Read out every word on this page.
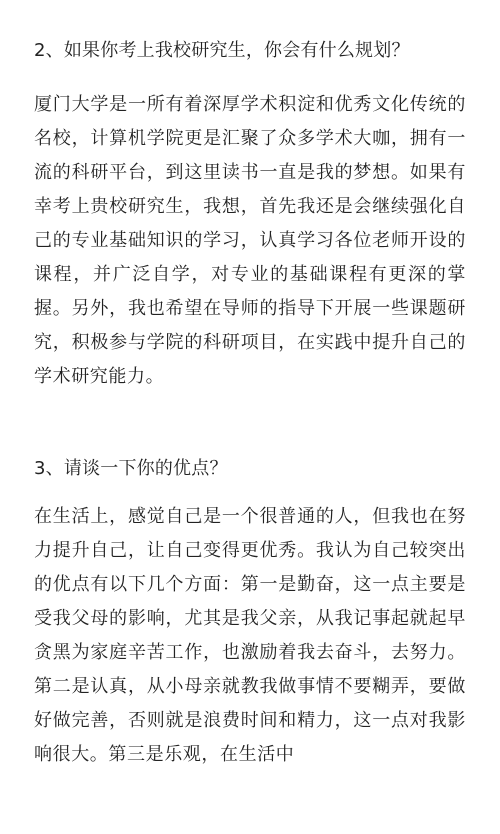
2、如果你考上我校研究生，你会有什么规划？

厦门大学是一所有着深厚学术积淀和优秀文化传统的名校，计算机学院更是汇聚了众多学术大咖，拥有一流的科研平台，到这里读书一直是我的梦想。如果有幸考上贵校研究生，我想，首先我还是会继续强化自己的专业基础知识的学习，认真学习各位老师开设的课程，并广泛自学，对专业的基础课程有更深的掌握。另外，我也希望在导师的指导下开展一些课题研究，积极参与学院的科研项目，在实践中提升自己的学术研究能力。

3、请谈一下你的优点？

在生活上，感觉自己是一个很普通的人，但我也在努力提升自己，让自己变得更优秀。我认为自己较突出的优点有以下几个方面：第一是勤奋，这一点主要是受我父母的影响，尤其是我父亲，从我记事起就起早贪黑为家庭辛苦工作，也激励着我去奋斗，去努力。第二是认真，从小母亲就教我做事情不要糊弄，要做好做完善，否则就是浪费时间和精力，这一点对我影响很大。第三是乐观，在生活中
